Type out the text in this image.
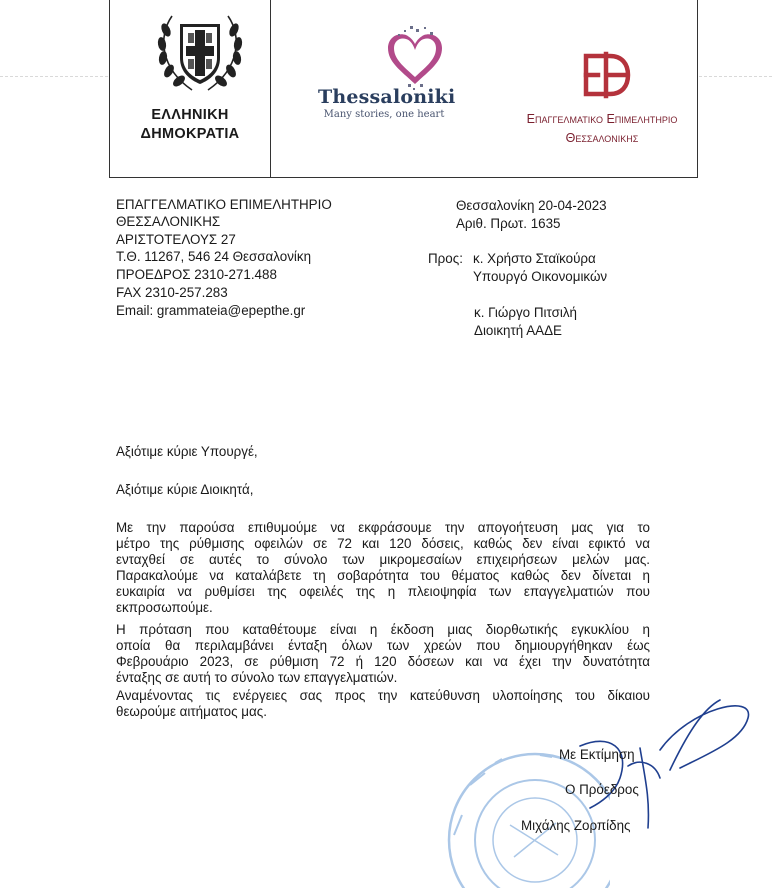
ΕΛΛΗΝΙΚΗ
ΔΗΜΟΚΡΑΤΙΑ
Thessaloniki
Many stories, one heart	Επαγγελματικο Επιμελητηριο
Θεσσαλονικησ
ΕΠΑΓΓΕΛΜΑΤΙΚΟ ΕΠΙΜΕΛΗΤΗΡΙΟ
ΘΕΣΣΑΛΟΝΙΚΗΣ
ΑΡΙΣΤΟΤΕΛΟΥΣ 27
Τ.Θ. 11267, 546 24 Θεσσαλονίκη
ΠΡΟΕΔΡΟΣ 2310-271.488
FAX 2310-257.283
Email: grammateia@epepthe.gr
Θεσσαλονίκη 20-04-2023
Αριθ. Πρωτ. 1635
Προς: κ. Χρήστο Σταϊκούρα
Υπουργό Οικονομικών
κ. Γιώργο Πιτσιλή
Διοικητή ΑΑΔΕ
Αξιότιμε κύριε Υπουργέ,
Αξιότιμε κύριε Διοικητά,
Με την παρούσα επιθυμούμε να εκφράσουμε την απογοήτευση μας για το
μέτρο της ρύθμισης οφειλών σε 72 και 120 δόσεις, καθώς δεν είναι εφικτό να
ενταχθεί σε αυτές το σύνολο των μικρομεσαίων επιχειρήσεων μελών μας.
Παρακαλούμε να καταλάβετε τη σοβαρότητα του θέματος καθώς δεν δίνεται η
ευκαιρία να ρυθμίσει της οφειλές της η πλειοψηφία των επαγγελματιών που
εκπροσωπούμε.
Η πρόταση που καταθέτουμε είναι η έκδοση μιας διορθωτικής εγκυκλίου η
οποία θα περιλαμβάνει ένταξη όλων των χρεών που δημιουργήθηκαν έως
Φεβρουάριο 2023, σε ρύθμιση 72 ή 120 δόσεων και να έχει την δυνατότητα
ένταξης σε αυτή το σύνολο των επαγγελματιών.
Αναμένοντας τις ενέργειες σας προς την κατεύθυνση υλοποίησης του δίκαιου
θεωρούμε αιτήματος μας.
Με Εκτίμηση
Ο Πρόεδρος
Μιχάλης Ζορπίδης
